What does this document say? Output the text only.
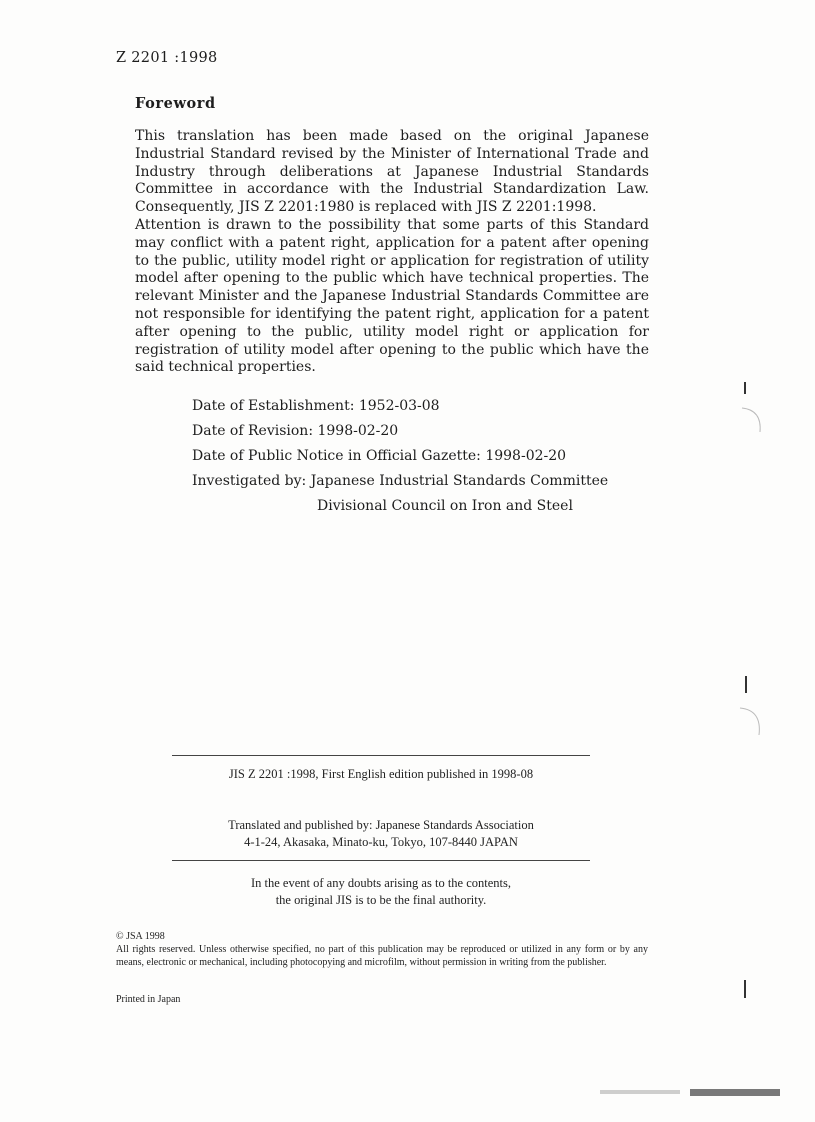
Z 2201 :1998
Foreword

This translation has been made based on the original Japanese Industrial Standard revised by the Minister of International Trade and Industry through deliberations at Japanese Industrial Standards Committee in accordance with the Industrial Standardization Law. Consequently, JIS Z 2201:1980 is replaced with JIS Z 2201:1998.

Attention is drawn to the possibility that some parts of this Standard may conflict with a patent right, application for a patent after opening to the public, utility model right or application for registration of utility model after opening to the public which have technical properties. The relevant Minister and the Japanese Industrial Standards Committee are not responsible for identifying the patent right, application for a patent after opening to the public, utility model right or application for registration of utility model after opening to the public which have the said technical properties.

Date of Establishment: 1952-03-08
Date of Revision: 1998-02-20
Date of Public Notice in Official Gazette: 1998-02-20
Investigated by: Japanese Industrial Standards Committee
Divisional Council on Iron and Steel
JIS Z 2201 :1998, First English edition published in 1998-08
Translated and published by: Japanese Standards Association
4-1-24, Akasaka, Minato-ku, Tokyo, 107-8440 JAPAN
In the event of any doubts arising as to the contents,
the original JIS is to be the final authority.

© JSA 1998

All rights reserved. Unless otherwise specified, no part of this publication may be reproduced or utilized in any form or by any means, electronic or mechanical, including photocopying and microfilm, without permission in writing from the publisher.

Printed in Japan
